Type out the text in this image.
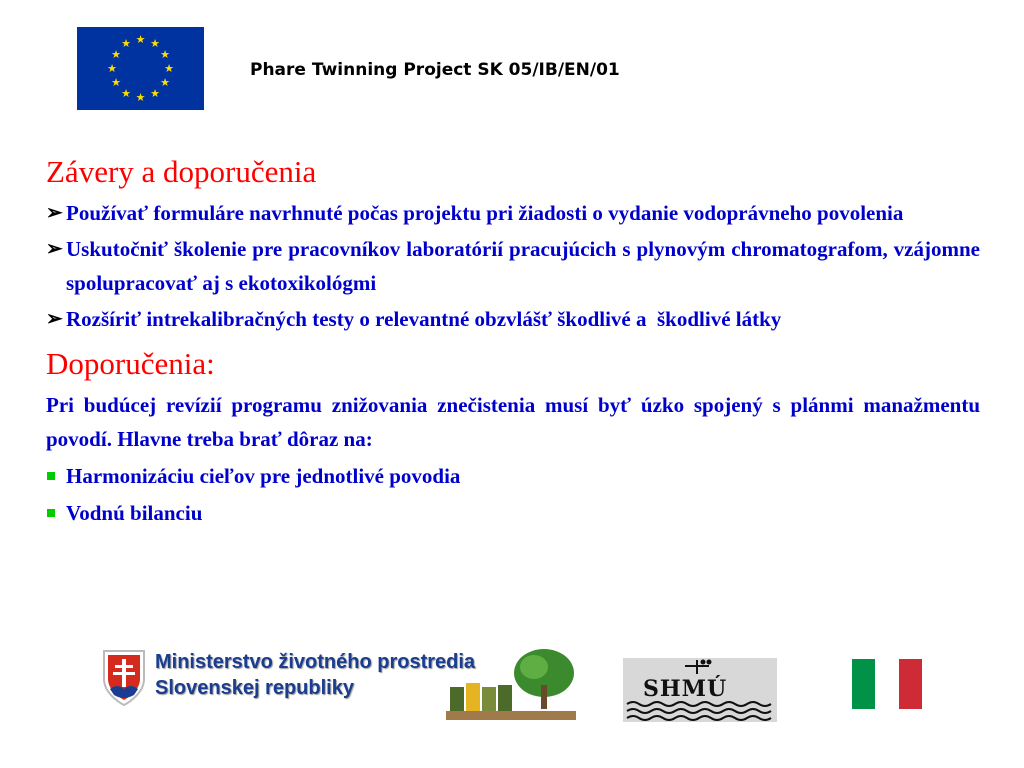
★ ★
★
★
★
★
★
★
★
★
★
★
Phare Twinning Project SK 05/IB/EN/01
Závery a doporučenia
➢ Používať formuláre navrhnuté počas projektu pri žiadosti o vydanie vodoprávneho povolenia
➢ Uskutočniť školenie pre pracovníkov laboratórií pracujúcich s plynovým chromatografom, vzájomne spolupracovať aj s ekotoxikológmi
➢ Rozšíriť intrekalibračných testy o relevantné obzvlášť škodlivé a  škodlivé látky
Doporučenia:
Pri budúcej revízií programu znižovania znečistenia musí byť úzko spojený s plánmi manažmentu povodí. Hlavne treba brať dôraz na:
Harmonizáciu cieľov pre jednotlivé povodia
Vodnú bilanciu
Ministerstvo životného prostredia
Slovenskej republiky	SHMÚ
